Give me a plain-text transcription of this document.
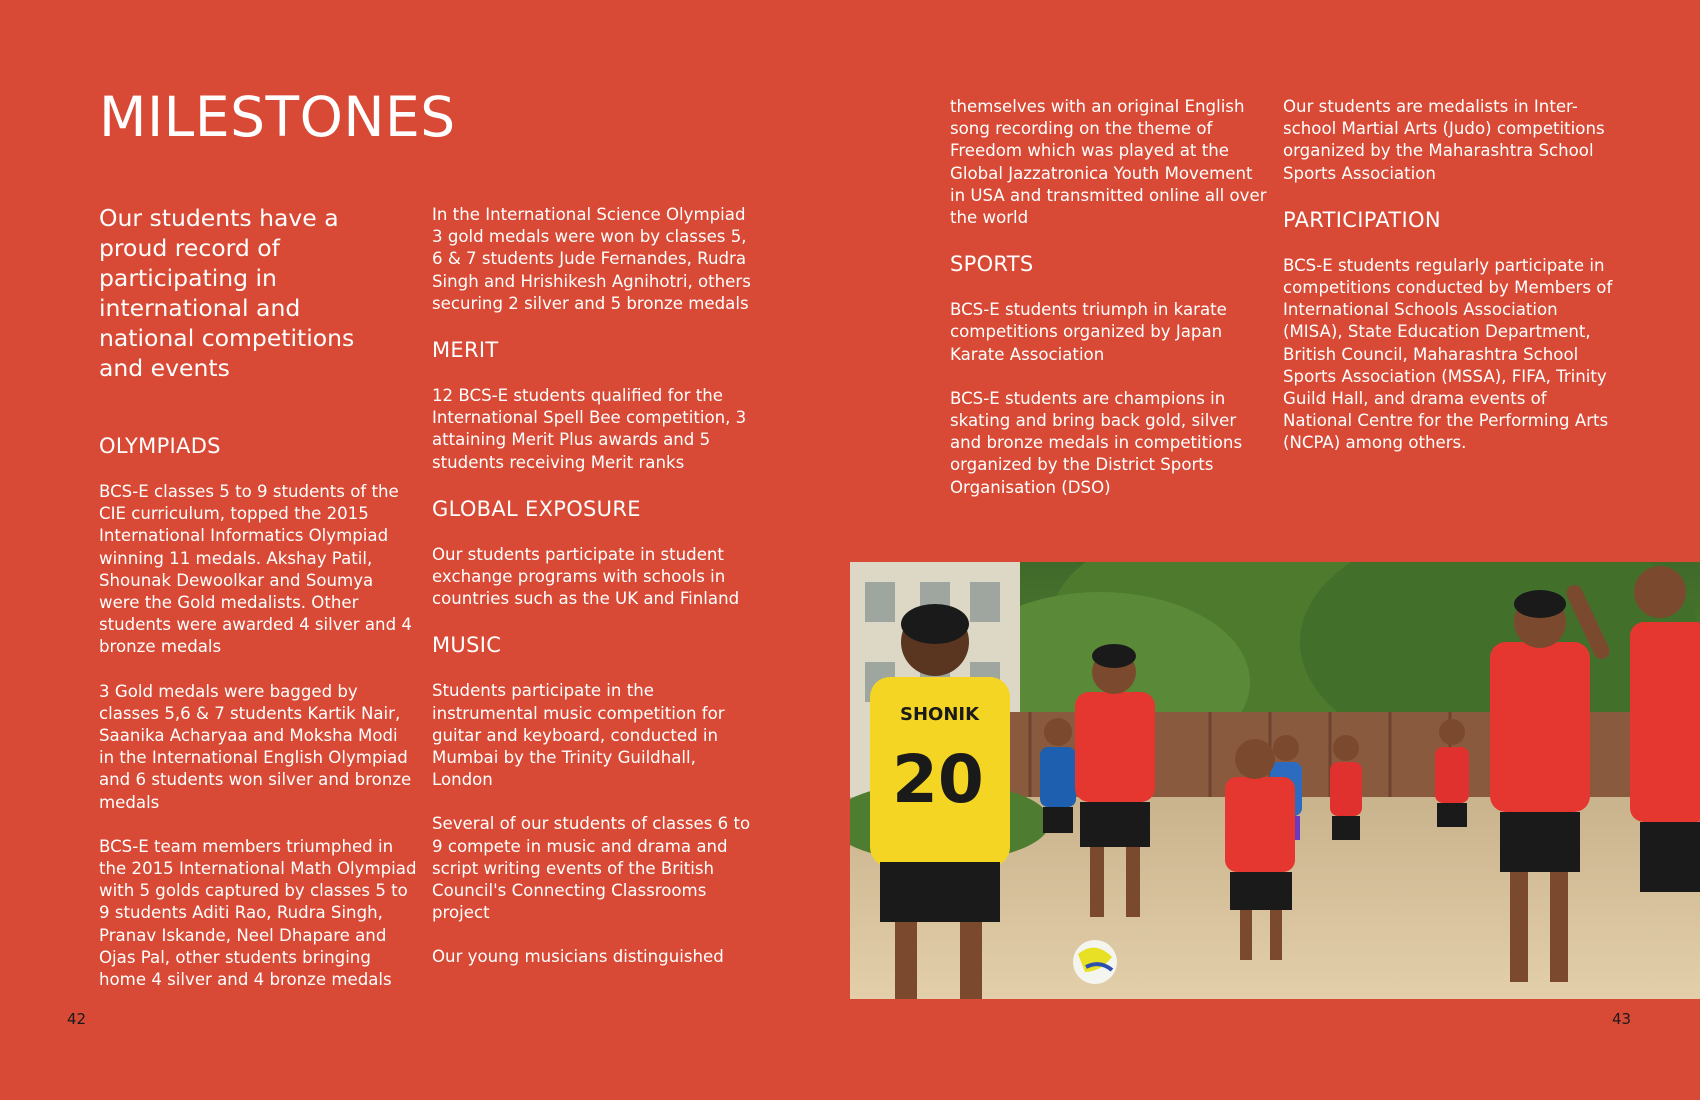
MILESTONES

Our students have a proud record of participating in international and national competitions and events

OLYMPIADS

BCS-E classes 5 to 9 students of the CIE curriculum, topped the 2015 International Informatics Olympiad winning 11 medals. Akshay Patil, Shounak Dewoolkar and Soumya were the Gold medalists. Other students were awarded 4 silver and 4 bronze medals

3 Gold medals were bagged by classes 5,6 & 7 students Kartik Nair, Saanika Acharyaa and Moksha Modi in the International English Olympiad and 6 students won silver and bronze medals

BCS-E team members triumphed in the 2015 International Math Olympiad with 5 golds captured by classes 5 to 9 students Aditi Rao, Rudra Singh, Pranav Iskande, Neel Dhapare and Ojas Pal, other students bringing home 4 silver and 4 bronze medals

In the International Science Olympiad 3 gold medals were won by classes 5, 6 & 7 students Jude Fernandes, Rudra Singh and Hrishikesh Agnihotri, others securing 2 silver and 5 bronze medals

MERIT

12 BCS-E students qualified for the International Spell Bee competition, 3 attaining Merit Plus awards and 5 students receiving Merit ranks

GLOBAL EXPOSURE

Our students participate in student exchange programs with schools in countries such as the UK and Finland

MUSIC

Students participate in the instrumental music competition for guitar and keyboard, conducted in Mumbai by the Trinity Guildhall, London

Several of our students of classes 6 to 9 compete in music and drama and script writing events of the British Council's Connecting Classrooms project

Our young musicians distinguished

themselves with an original English song recording on the theme of Freedom which was played at the Global Jazzatronica Youth Movement in USA and transmitted online all over the world

SPORTS

BCS-E students triumph in karate competitions organized by Japan Karate Association

BCS-E students are champions in skating and bring back gold, silver and bronze medals in competitions organized by the District Sports Organisation (DSO)

Our students are medalists in Inter-school Martial Arts (Judo) competitions organized by the Maharashtra School Sports Association

PARTICIPATION

BCS-E students regularly participate in competitions conducted by Members of International Schools Association (MISA), State Education Department, British Council, Maharashtra School Sports Association (MSSA), FIFA, Trinity Guild Hall, and drama events of National Centre for the Performing Arts (NCPA) among others.

SHONIK
20
42	43
